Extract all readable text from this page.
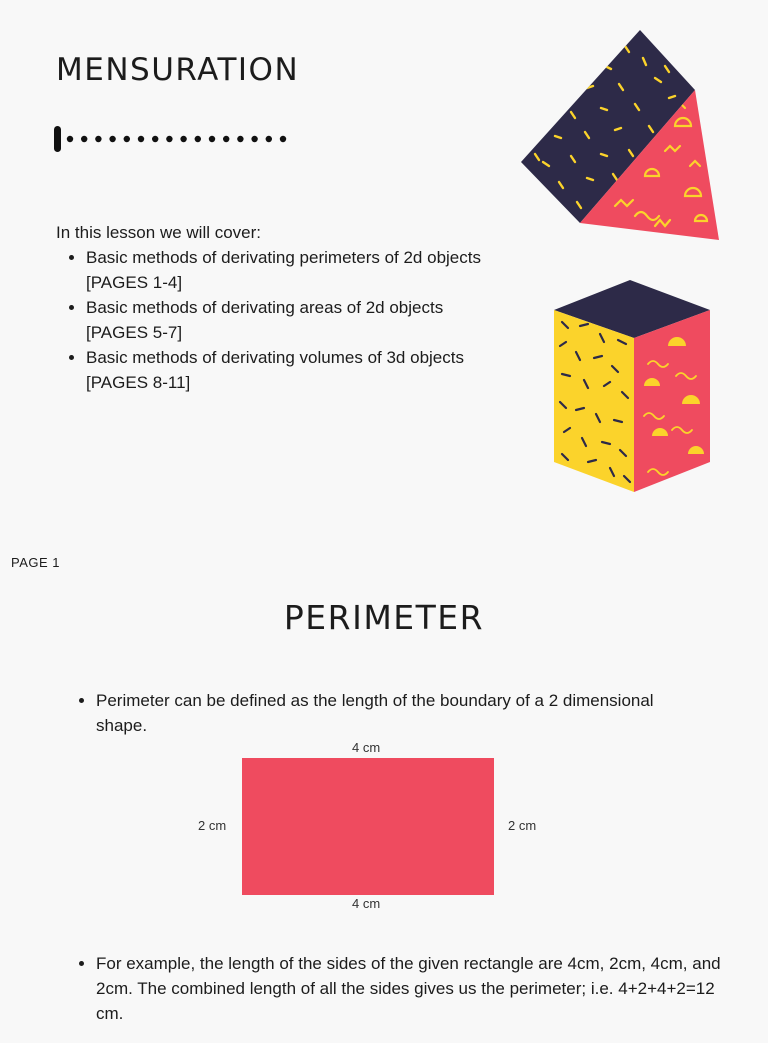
MENSURATION
In this lesson we will cover:
• Basic methods of derivating perimeters of 2d objects [PAGES 1-4]
• Basic methods of derivating areas of 2d objects [PAGES 5-7]
• Basic methods of derivating volumes of 3d objects [PAGES 8-11]
PAGE 1
PERIMETER
• Perimeter can be defined as the length of the boundary of a 2 dimensional shape.
4 cm
2 cm	2 cm
4 cm
• For example, the length of the sides of the given rectangle are 4cm, 2cm, 4cm, and 2cm. The combined length of all the sides gives us the perimeter; i.e. 4+2+4+2=12 cm.
